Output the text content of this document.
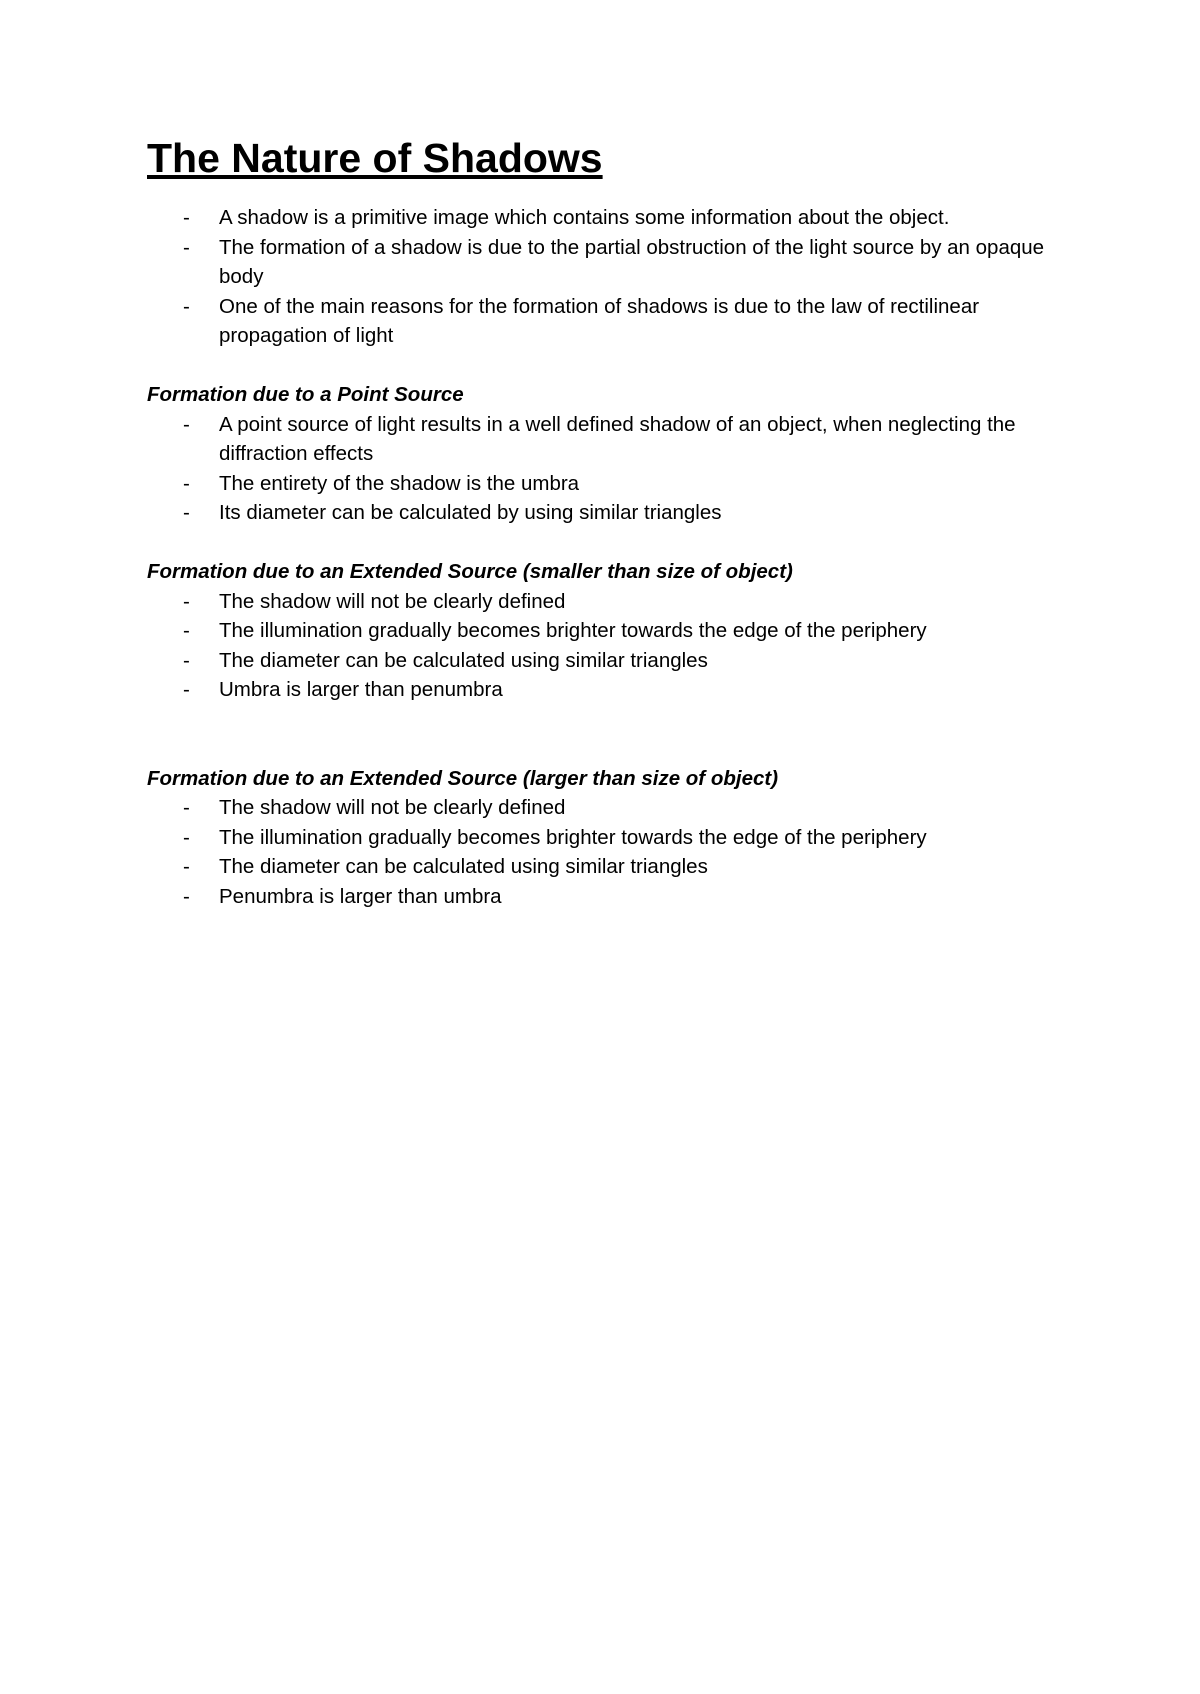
The Nature of Shadows
- A shadow is a primitive image which contains some information about the object.
- The formation of a shadow is due to the partial obstruction of the light source by an opaque body
- One of the main reasons for the formation of shadows is due to the law of rectilinear propagation of light

Formation due to a Point Source

- A point source of light results in a well defined shadow of an object, when neglecting the diffraction effects
- The entirety of the shadow is the umbra
- Its diameter can be calculated by using similar triangles

Formation due to an Extended Source (smaller than size of object)

- The shadow will not be clearly defined
- The illumination gradually becomes brighter towards the edge of the periphery
- The diameter can be calculated using similar triangles
- Umbra is larger than penumbra

Formation due to an Extended Source (larger than size of object)

- The shadow will not be clearly defined
- The illumination gradually becomes brighter towards the edge of the periphery
- The diameter can be calculated using similar triangles
- Penumbra is larger than umbra
